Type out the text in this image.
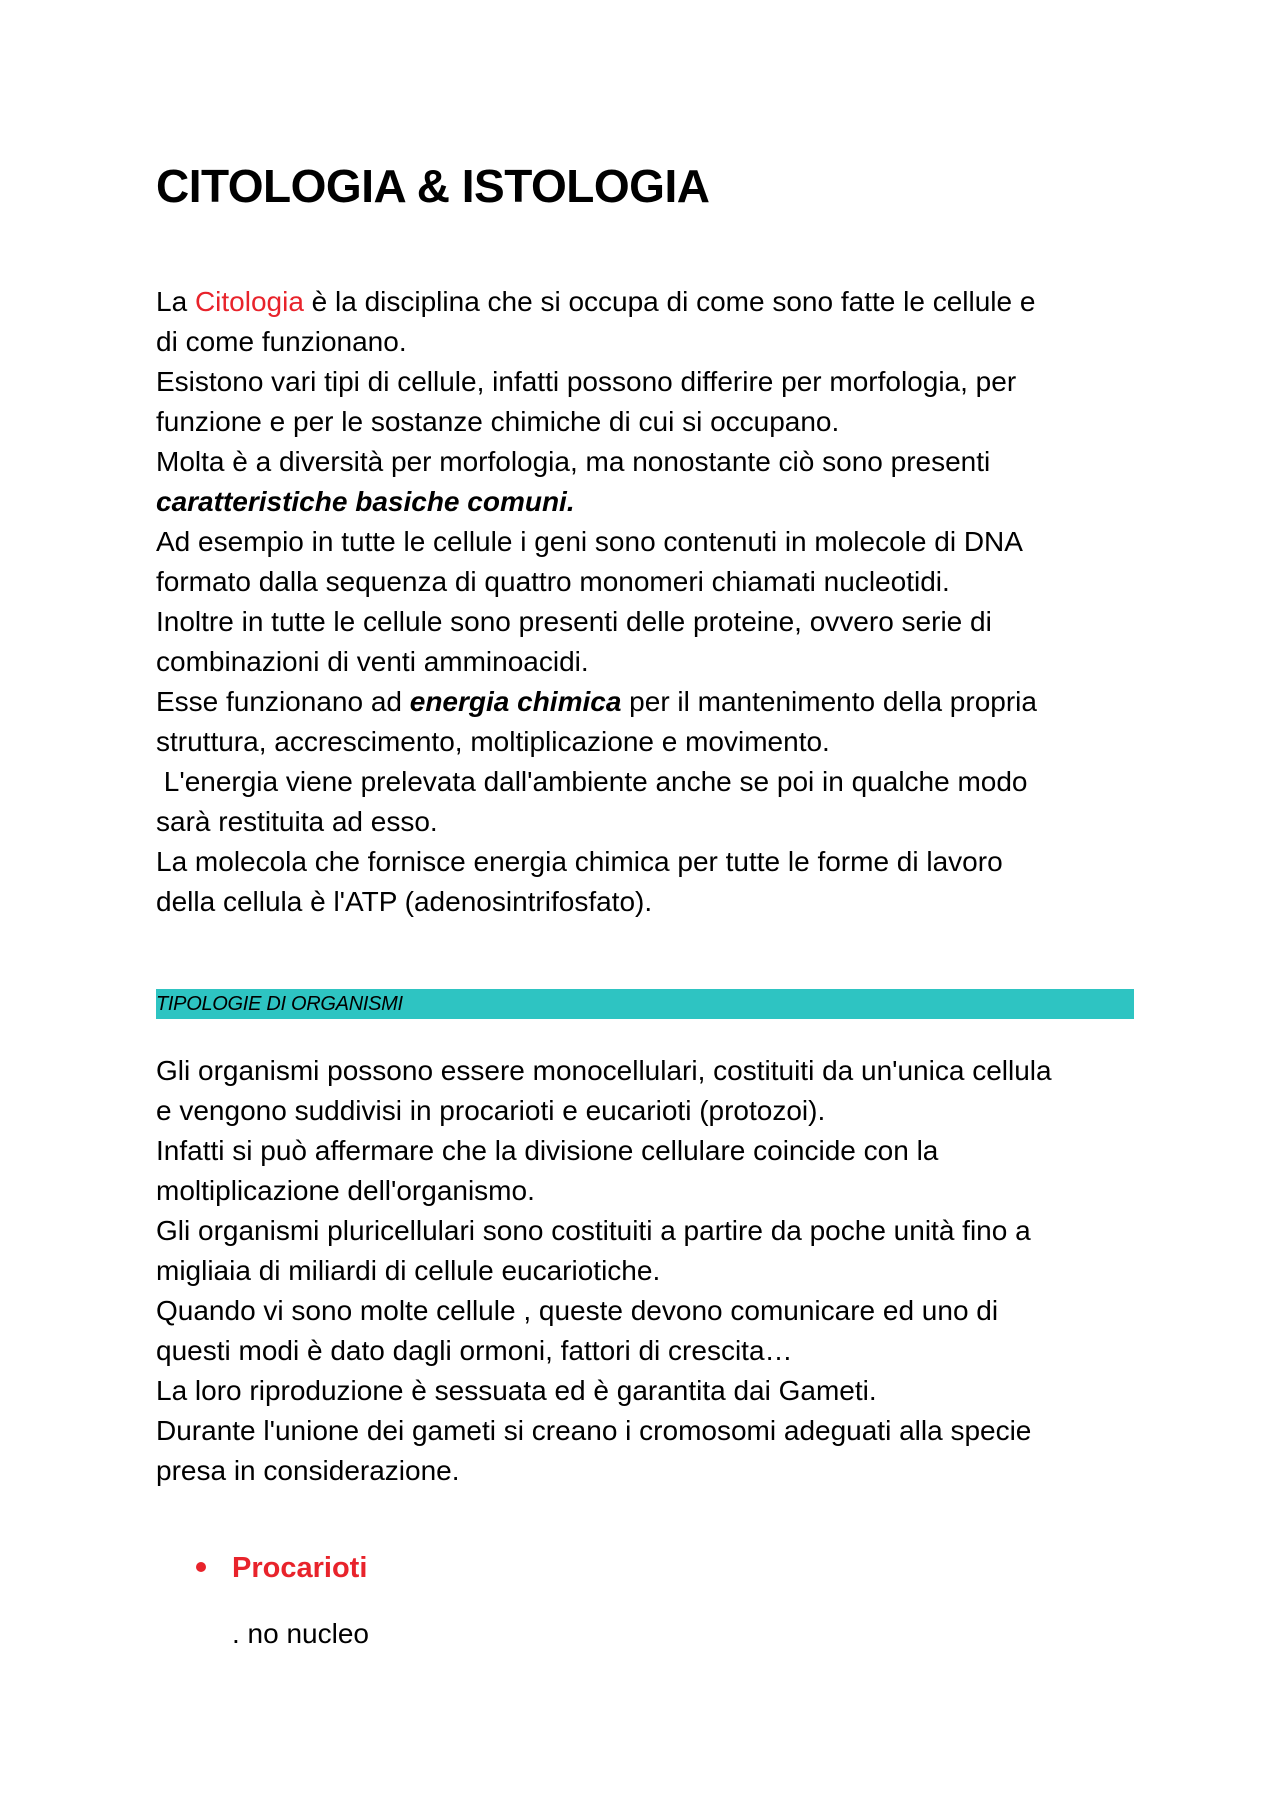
CITOLOGIA & ISTOLOGIA

La Citologia è la disciplina che si occupa di come sono fatte le cellule e

di come funzionano.

Esistono vari tipi di cellule, infatti possono differire per morfologia, per

funzione e per le sostanze chimiche di cui si occupano.

Molta è a diversità per morfologia, ma nonostante ciò sono presenti

caratteristiche basiche comuni.

Ad esempio in tutte le cellule i geni sono contenuti in molecole di DNA

formato dalla sequenza di quattro monomeri chiamati nucleotidi.

Inoltre in tutte le cellule sono presenti delle proteine, ovvero serie di

combinazioni di venti amminoacidi.

Esse funzionano ad energia chimica per il mantenimento della propria

struttura, accrescimento, moltiplicazione e movimento.

L'energia viene prelevata dall'ambiente anche se poi in qualche modo

sarà restituita ad esso.

La molecola che fornisce energia chimica per tutte le forme di lavoro

della cellula è l'ATP (adenosintrifosfato).

TIPOLOGIE DI ORGANISMI

Gli organismi possono essere monocellulari, costituiti da un'unica cellula

e vengono suddivisi in procarioti e eucarioti (protozoi).

Infatti si può affermare che la divisione cellulare coincide con la

moltiplicazione dell'organismo.

Gli organismi pluricellulari sono costituiti a partire da poche unità fino a

migliaia di miliardi di cellule eucariotiche.

Quando vi sono molte cellule , queste devono comunicare ed uno di

questi modi è dato dagli ormoni, fattori di crescita…

La loro riproduzione è sessuata ed è garantita dai Gameti.

Durante l'unione dei gameti si creano i cromosomi adeguati alla specie

presa in considerazione.

Procarioti
. no nucleo
